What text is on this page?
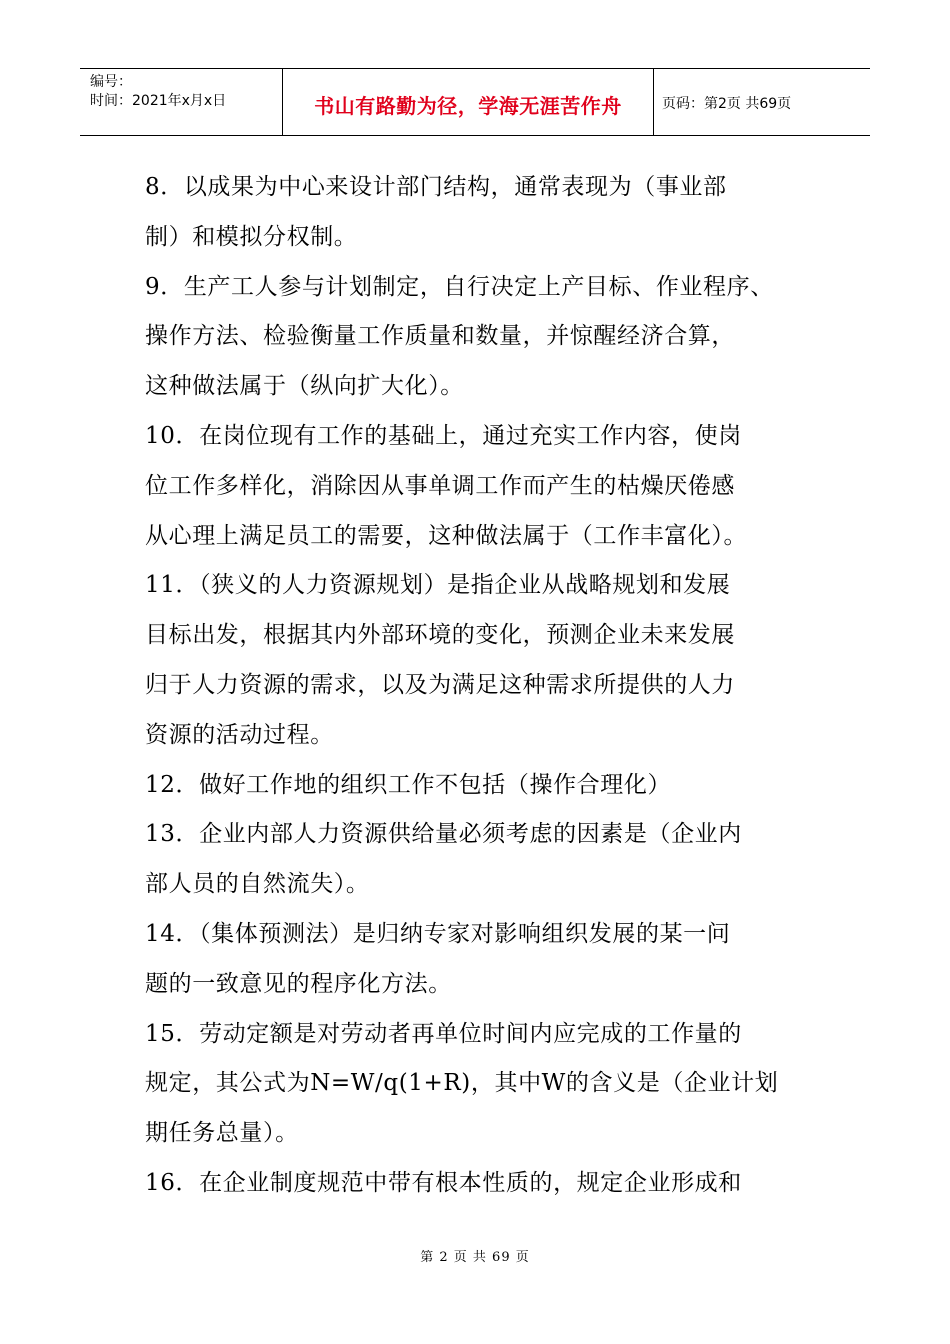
编号：
时间：2021年x月x日	书山有路勤为径，学海无涯苦作舟	页码：第2页 共69页

8．以成果为中心来设计部门结构，通常表现为（事业部
制）和模拟分权制。

9．生产工人参与计划制定，自行决定上产目标、作业程序、
操作方法、检验衡量工作质量和数量，并惊醒经济合算，
这种做法属于（纵向扩大化）。

10．在岗位现有工作的基础上，通过充实工作内容，使岗
位工作多样化，消除因从事单调工作而产生的枯燥厌倦感
从心理上满足员工的需要，这种做法属于（工作丰富化）。

11．（狭义的人力资源规划）是指企业从战略规划和发展
目标出发，根据其内外部环境的变化，预测企业未来发展
归于人力资源的需求，以及为满足这种需求所提供的人力
资源的活动过程。

12．做好工作地的组织工作不包括（操作合理化）

13．企业内部人力资源供给量必须考虑的因素是（企业内
部人员的自然流失）。

14．（集体预测法）是归纳专家对影响组织发展的某一问
题的一致意见的程序化方法。

15．劳动定额是对劳动者再单位时间内应完成的工作量的
规定，其公式为N=W/q(1+R)，其中W的含义是（企业计划
期任务总量）。

16．在企业制度规范中带有根本性质的，规定企业形成和

第 2 页 共 69 页
